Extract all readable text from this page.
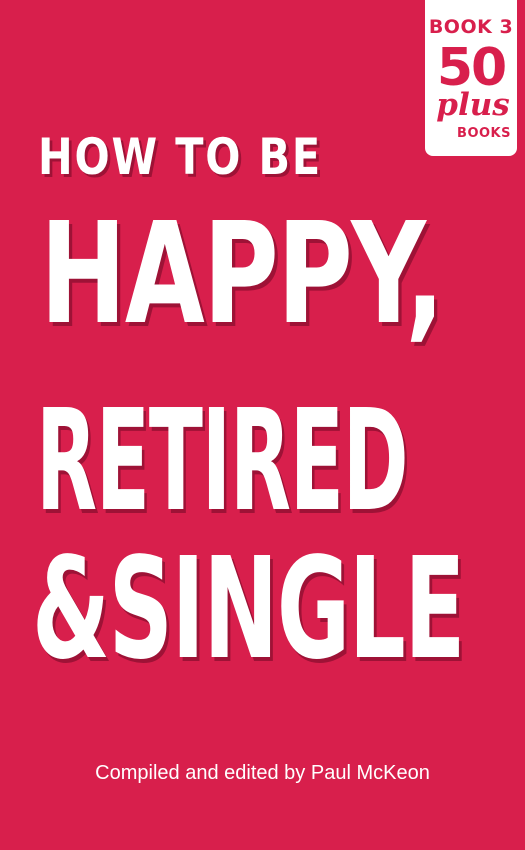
BOOK 3
50
plus
BOOKS
HOW TO BE
HAPPY,
RETIRED
&SINGLE

Compiled and edited by Paul McKeon
